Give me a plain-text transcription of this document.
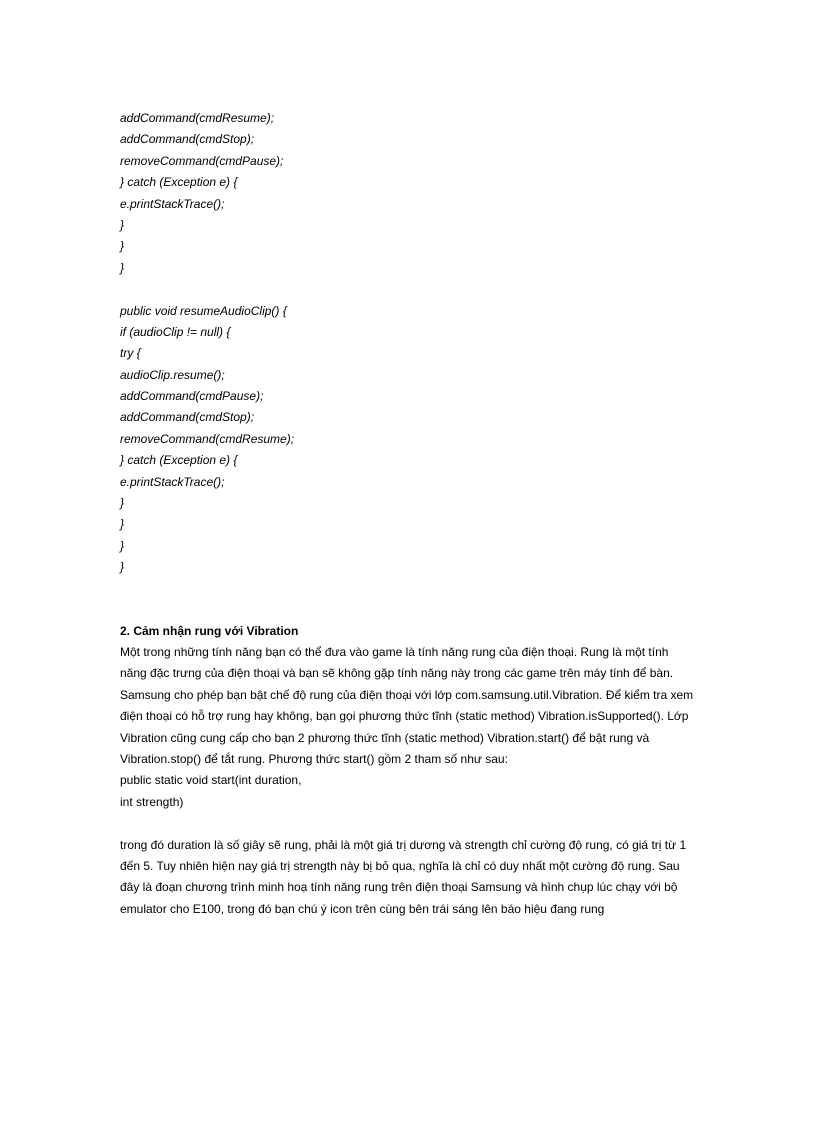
addCommand(cmdResume);
addCommand(cmdStop);
removeCommand(cmdPause);
} catch (Exception e) {
e.printStackTrace();
}
}
}
public void resumeAudioClip() {
if (audioClip != null) {
try {
audioClip.resume();
addCommand(cmdPause);
addCommand(cmdStop);
removeCommand(cmdResume);
} catch (Exception e) {
e.printStackTrace();
}
}
}
}
2. Cảm nhận rung với Vibration
Một trong những tính năng bạn có thể đưa vào game là tính năng rung của điện thoại. Rung là một tính năng đặc trưng của điện thoại và bạn sẽ không gặp tính năng này trong các game trên máy tính để bàn. Samsung cho phép bạn bật chế độ rung của điện thoại với lớp com.samsung.util.Vibration. Để kiểm tra xem điện thoại có hỗ trợ rung hay không, bạn gọi phương thức tĩnh (static method) Vibration.isSupported(). Lớp Vibration cũng cung cấp cho bạn 2 phương thức tĩnh (static method) Vibration.start() để bật rung và Vibration.stop() để tắt rung. Phương thức start() gồm 2 tham số như sau:
public static void start(int duration,
int strength)
trong đó duration là số giây sẽ rung, phải là một giá trị dương và strength chỉ cường độ rung, có giá trị từ 1 đến 5. Tuy nhiên hiện nay giá trị strength này bị bỏ qua, nghĩa là chỉ có duy nhất một cường độ rung. Sau đây là đoạn chương trình minh hoạ tính năng rung trên điện thoại Samsung và hình chụp lúc chạy với bộ emulator cho E100, trong đó bạn chú ý icon trên cùng bên trái sáng lên báo hiệu đang rung
